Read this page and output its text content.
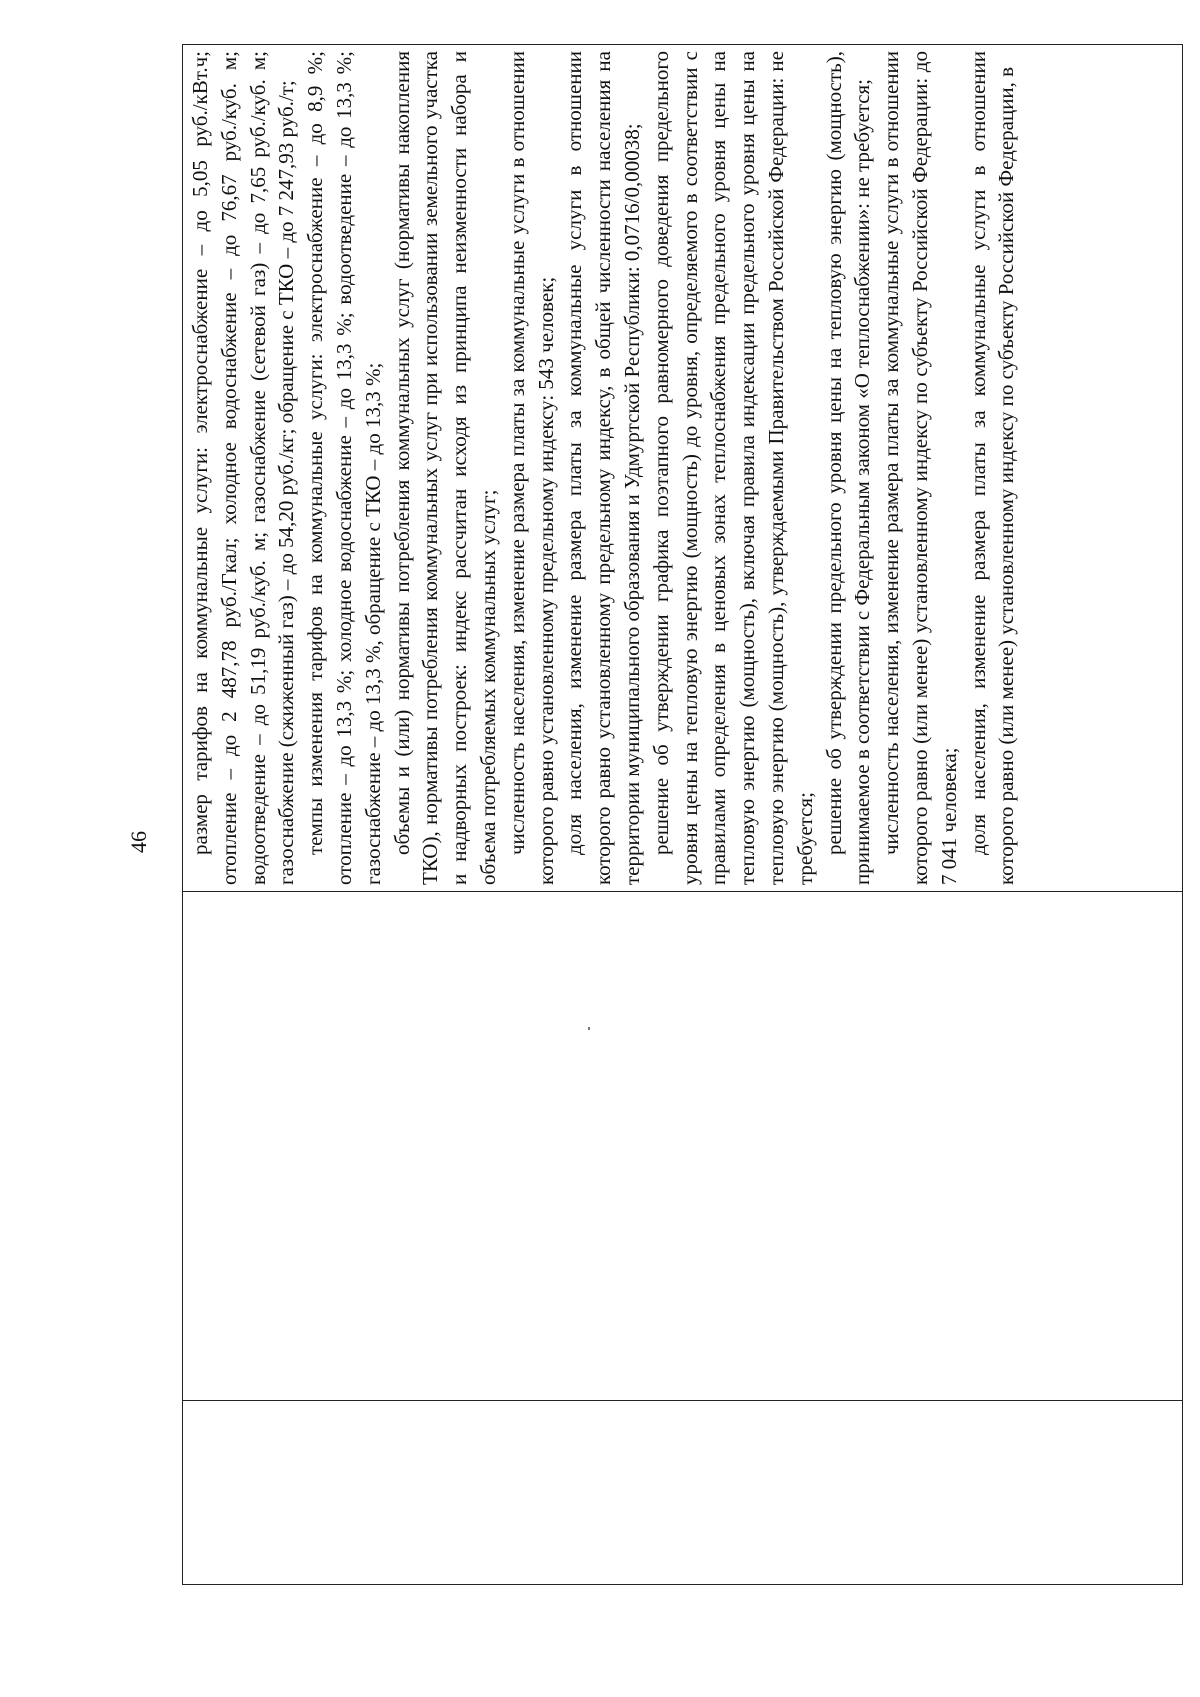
46 размер тарифов на коммунальные услуги: электроснабжение – до 5,05 руб./кВт.ч; отопление – до 2 487,78 руб./Гкал; холодное водоснабжение – до 76,67 руб./куб. м; водоотведение – до 51,19 руб./куб. м; газоснабжение (сетевой газ) – до 7,65 руб./куб. м; газоснабжение (сжиженный газ) – до 54,20 руб./кг; обращение с ТКО – до 7 247,93 руб./т; темпы изменения тарифов на коммунальные услуги: электроснабжение – до 8,9 %; отопление – до 13,3 %; холодное водоснабжение – до 13,3 %; водоотведение – до 13,3 %; газоснабжение – до 13,3 %, обращение с ТКО – до 13,3 %; объемы и (или) нормативы потребления коммунальных услуг (нормативы накопления ТКО), нормативы потребления коммунальных услуг при использовании земельного участка и надворных построек: индекс рассчитан исходя из принципа неизменности набора и объема потребляемых коммунальных услуг; численность населения, изменение размера платы за коммунальные услуги в отношении которого равно установленному предельному индексу: 543 человек; доля населения, изменение размера платы за коммунальные услуги в отношении которого равно установленному предельному индексу, в общей численности населения на территории муниципального образования и Удмуртской Республики: 0,0716/0,00038; решение об утверждении графика поэтапного равномерного доведения предельного уровня цены на тепловую энергию (мощность) до уровня, определяемого в соответствии с правилами определения в ценовых зонах теплоснабжения предельного уровня цены на тепловую энергию (мощность), включая правила индексации предельного уровня цены на тепловую энергию (мощность), утверждаемыми Правительством Российской Федерации: не требуется; решение об утверждении предельного уровня цены на тепловую энергию (мощность), принимаемое в соответствии с Федеральным законом «О теплоснабжении»: не требуется; численность населения, изменение размера платы за коммунальные услуги в отношении которого равно (или менее) установленному индексу по субъекту Российской Федерации: до 7 041 человека; доля населения, изменение размера платы за коммунальные услуги в отношении которого равно (или менее) установленному индексу по субъекту Российской Федерации, в
